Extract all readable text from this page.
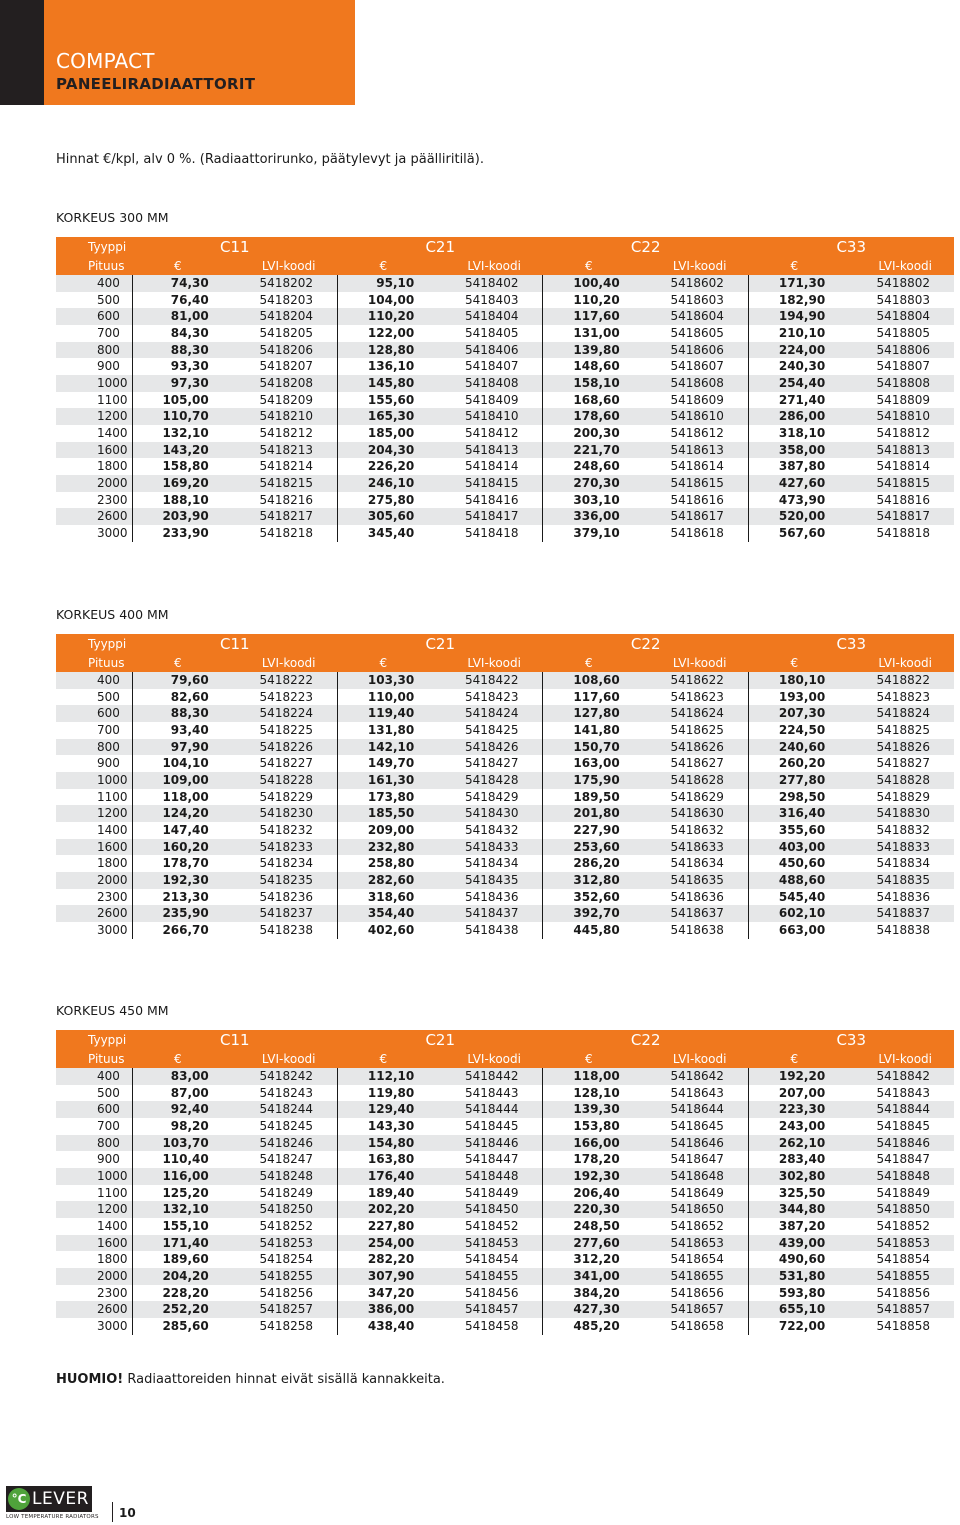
COMPACT
PANEELIRADIAATTORIT
Hinnat €/kpl, alv 0 %. (Radiaattorirunko, päätylevyt ja päälliritilä).
KORKEUS 300 MM
Tyyppi	C11		C21		C22		C33	
Pituus	€	LVI-koodi	€	LVI-koodi	€	LVI-koodi	€	LVI-koodi
400	74,30	5418202	95,10	5418402	100,40	5418602	171,30	5418802
500	76,40	5418203	104,00	5418403	110,20	5418603	182,90	5418803
600	81,00	5418204	110,20	5418404	117,60	5418604	194,90	5418804
700	84,30	5418205	122,00	5418405	131,00	5418605	210,10	5418805
800	88,30	5418206	128,80	5418406	139,80	5418606	224,00	5418806
900	93,30	5418207	136,10	5418407	148,60	5418607	240,30	5418807
1000	97,30	5418208	145,80	5418408	158,10	5418608	254,40	5418808
1100	105,00	5418209	155,60	5418409	168,60	5418609	271,40	5418809
1200	110,70	5418210	165,30	5418410	178,60	5418610	286,00	5418810
1400	132,10	5418212	185,00	5418412	200,30	5418612	318,10	5418812
1600	143,20	5418213	204,30	5418413	221,70	5418613	358,00	5418813
1800	158,80	5418214	226,20	5418414	248,60	5418614	387,80	5418814
2000	169,20	5418215	246,10	5418415	270,30	5418615	427,60	5418815
2300	188,10	5418216	275,80	5418416	303,10	5418616	473,90	5418816
2600	203,90	5418217	305,60	5418417	336,00	5418617	520,00	5418817
3000	233,90	5418218	345,40	5418418	379,10	5418618	567,60	5418818
KORKEUS 400 MM
Tyyppi	C11		C21		C22		C33	
Pituus	€	LVI-koodi	€	LVI-koodi	€	LVI-koodi	€	LVI-koodi
400	79,60	5418222	103,30	5418422	108,60	5418622	180,10	5418822
500	82,60	5418223	110,00	5418423	117,60	5418623	193,00	5418823
600	88,30	5418224	119,40	5418424	127,80	5418624	207,30	5418824
700	93,40	5418225	131,80	5418425	141,80	5418625	224,50	5418825
800	97,90	5418226	142,10	5418426	150,70	5418626	240,60	5418826
900	104,10	5418227	149,70	5418427	163,00	5418627	260,20	5418827
1000	109,00	5418228	161,30	5418428	175,90	5418628	277,80	5418828
1100	118,00	5418229	173,80	5418429	189,50	5418629	298,50	5418829
1200	124,20	5418230	185,50	5418430	201,80	5418630	316,40	5418830
1400	147,40	5418232	209,00	5418432	227,90	5418632	355,60	5418832
1600	160,20	5418233	232,80	5418433	253,60	5418633	403,00	5418833
1800	178,70	5418234	258,80	5418434	286,20	5418634	450,60	5418834
2000	192,30	5418235	282,60	5418435	312,80	5418635	488,60	5418835
2300	213,30	5418236	318,60	5418436	352,60	5418636	545,40	5418836
2600	235,90	5418237	354,40	5418437	392,70	5418637	602,10	5418837
3000	266,70	5418238	402,60	5418438	445,80	5418638	663,00	5418838
KORKEUS 450 MM
Tyyppi	C11		C21		C22		C33	
Pituus	€	LVI-koodi	€	LVI-koodi	€	LVI-koodi	€	LVI-koodi
400	83,00	5418242	112,10	5418442	118,00	5418642	192,20	5418842
500	87,00	5418243	119,80	5418443	128,10	5418643	207,00	5418843
600	92,40	5418244	129,40	5418444	139,30	5418644	223,30	5418844
700	98,20	5418245	143,30	5418445	153,80	5418645	243,00	5418845
800	103,70	5418246	154,80	5418446	166,00	5418646	262,10	5418846
900	110,40	5418247	163,80	5418447	178,20	5418647	283,40	5418847
1000	116,00	5418248	176,40	5418448	192,30	5418648	302,80	5418848
1100	125,20	5418249	189,40	5418449	206,40	5418649	325,50	5418849
1200	132,10	5418250	202,20	5418450	220,30	5418650	344,80	5418850
1400	155,10	5418252	227,80	5418452	248,50	5418652	387,20	5418852
1600	171,40	5418253	254,00	5418453	277,60	5418653	439,00	5418853
1800	189,60	5418254	282,20	5418454	312,20	5418654	490,60	5418854
2000	204,20	5418255	307,90	5418455	341,00	5418655	531,80	5418855
2300	228,20	5418256	347,20	5418456	384,20	5418656	593,80	5418856
2600	252,20	5418257	386,00	5418457	427,30	5418657	655,10	5418857
3000	285,60	5418258	438,40	5418458	485,20	5418658	722,00	5418858
HUOMIO! Radiaattoreiden hinnat eivät sisällä kannakkeita.
°C LEVER
LOW TEMPERATURE RADIATORS	10
